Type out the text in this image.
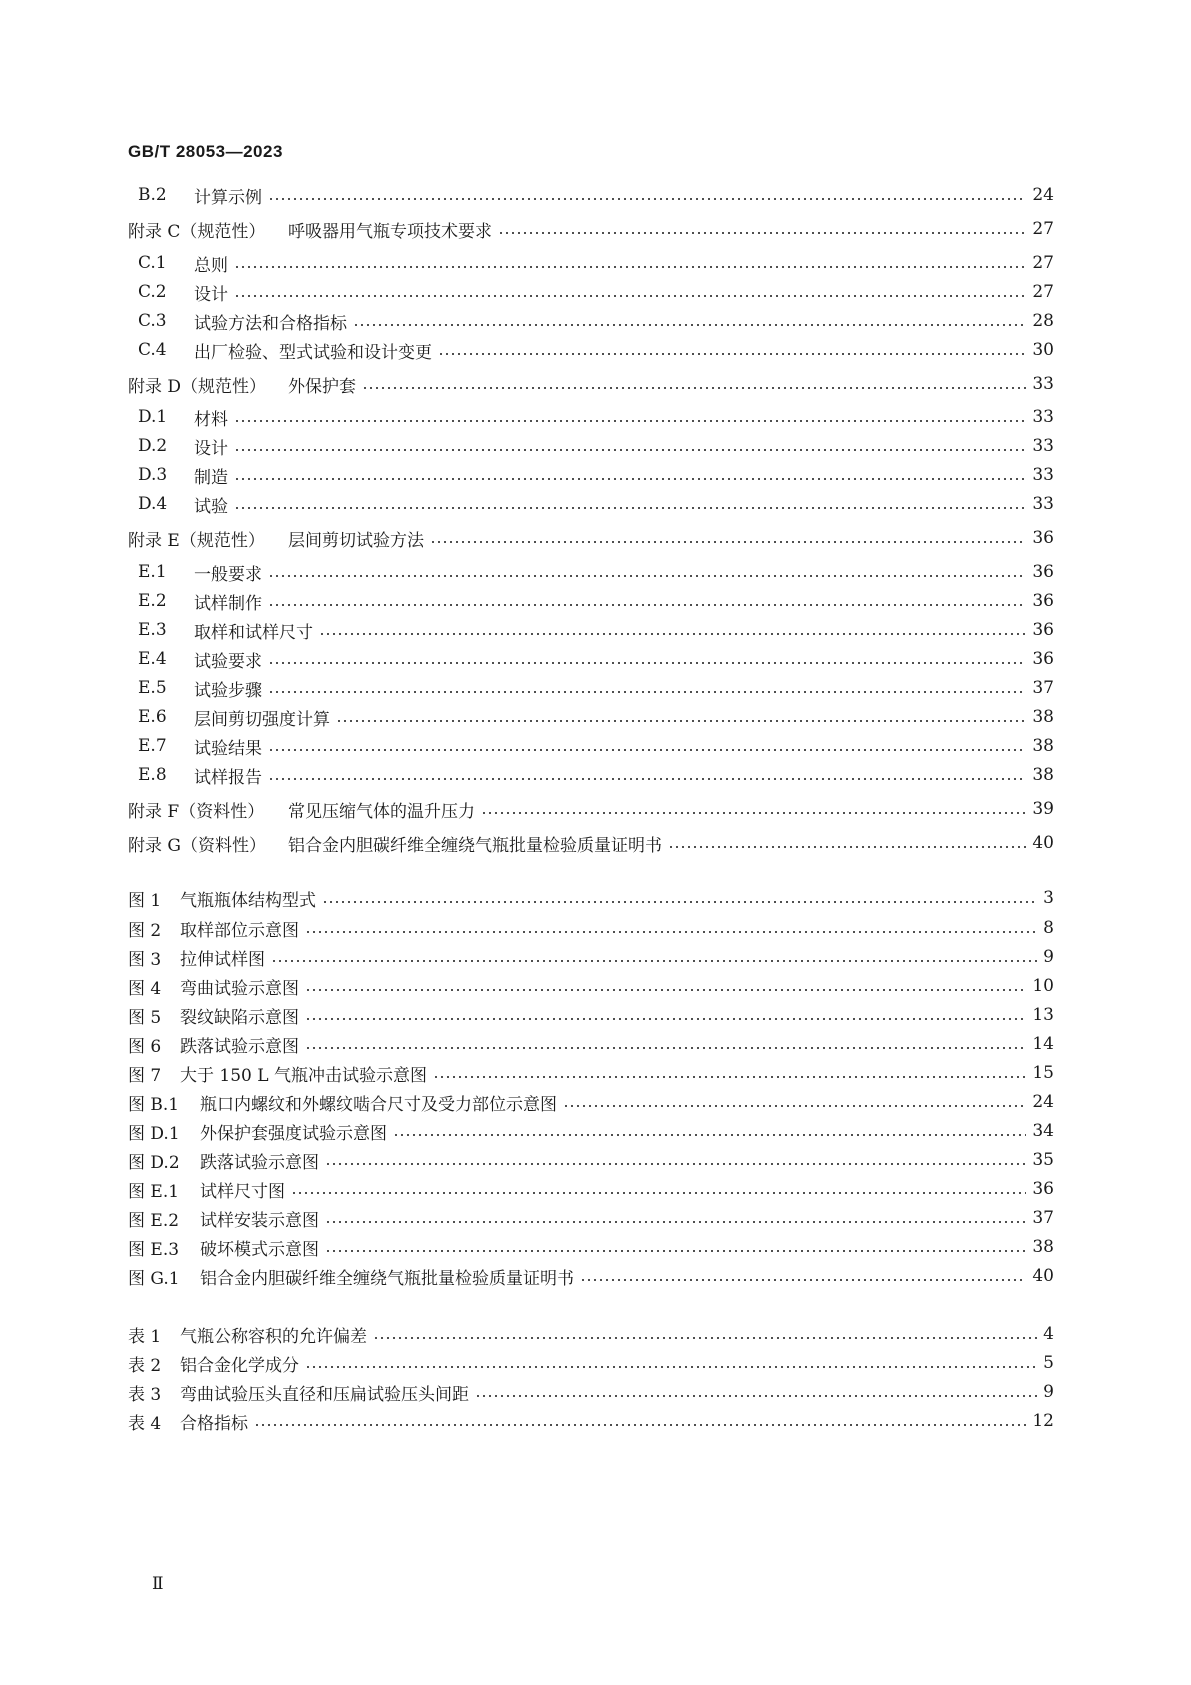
GB/T 28053—2023
B.2	计算示例	24
附录 C（规范性）	呼吸器用气瓶专项技术要求	27
C.1	总则	27
C.2	设计	27
C.3	试验方法和合格指标	28
C.4	出厂检验、型式试验和设计变更	30
附录 D（规范性）	外保护套	33
D.1	材料	33
D.2	设计	33
D.3	制造	33
D.4	试验	33
附录 E（规范性）	层间剪切试验方法	36
E.1	一般要求	36
E.2	试样制作	36
E.3	取样和试样尺寸	36
E.4	试验要求	36
E.5	试验步骤	37
E.6	层间剪切强度计算	38
E.7	试验结果	38
E.8	试样报告	38
附录 F（资料性）	常见压缩气体的温升压力	39
附录 G（资料性）	铝合金内胆碳纤维全缠绕气瓶批量检验质量证明书	40
图 1	气瓶瓶体结构型式	3
图 2	取样部位示意图	8
图 3	拉伸试样图	9
图 4	弯曲试验示意图	10
图 5	裂纹缺陷示意图	13
图 6	跌落试验示意图	14
图 7	大于 150 L 气瓶冲击试验示意图	15
图 B.1	瓶口内螺纹和外螺纹啮合尺寸及受力部位示意图	24
图 D.1	外保护套强度试验示意图	34
图 D.2	跌落试验示意图	35
图 E.1	试样尺寸图	36
图 E.2	试样安装示意图	37
图 E.3	破坏模式示意图	38
图 G.1	铝合金内胆碳纤维全缠绕气瓶批量检验质量证明书	40
表 1	气瓶公称容积的允许偏差	4
表 2	铝合金化学成分	5
表 3	弯曲试验压头直径和压扁试验压头间距	9
表 4	合格指标	12
Ⅱ
